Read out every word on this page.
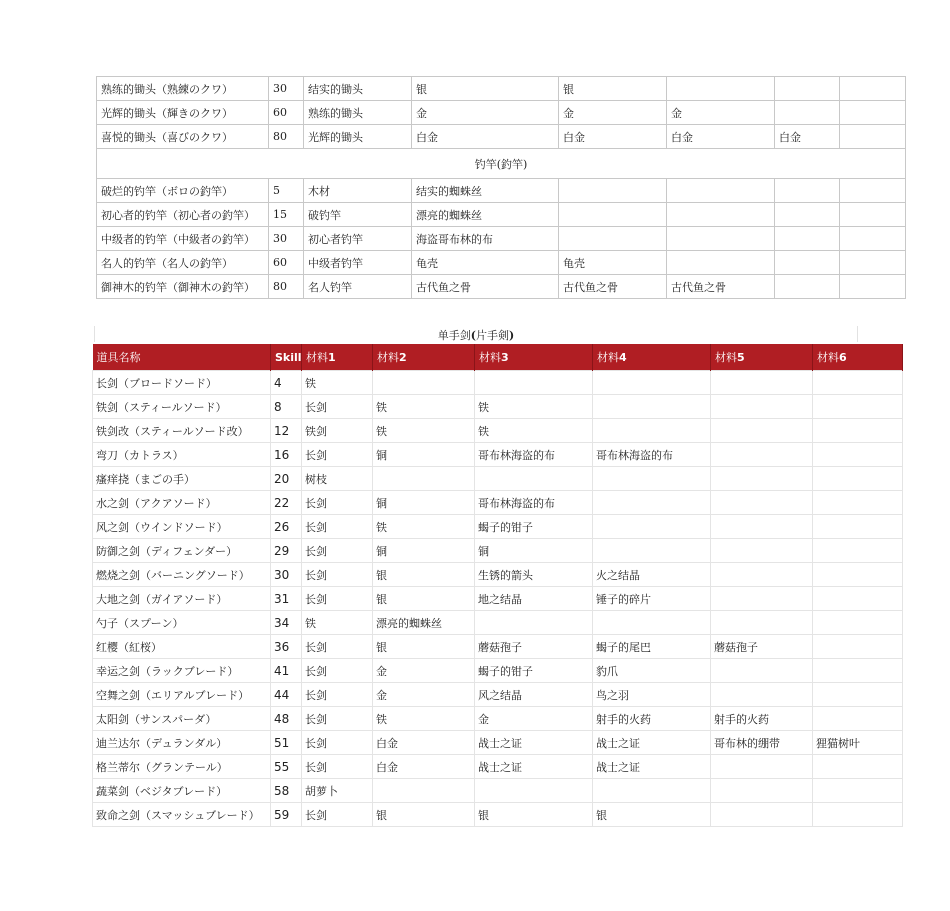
熟练的锄头（熟練のクワ）	30	结实的锄头	银	银			
光辉的锄头（輝きのクワ）	60	熟练的锄头	金	金	金		
喜悦的锄头（喜びのクワ）	80	光辉的锄头	白金	白金	白金	白金	
钓竿(釣竿)							
破烂的钓竿（ボロの釣竿）	5	木材	结实的蜘蛛丝				
初心者的钓竿（初心者の釣竿）	15	破钓竿	漂亮的蜘蛛丝				
中级者的钓竿（中級者の釣竿）	30	初心者钓竿	海盗哥布林的布				
名人的钓竿（名人の釣竿）	60	中级者钓竿	龟壳	龟壳			
御神木的钓竿（御神木の釣竿）	80	名人钓竿	古代鱼之骨	古代鱼之骨	古代鱼之骨		
单手剑(片手剣)
道具名称	Skill	材料1	材料2	材料3	材料4	材料5	材料6
长剑（ブロードソード）	4	铁					
铁剑（スティールソード）	8	长剑	铁	铁			
铁剑改（スティールソード改）	12	铁剑	铁	铁			
弯刀（カトラス）	16	长剑	铜	哥布林海盗的布	哥布林海盗的布		
瘙痒挠（まごの手）	20	树枝					
水之剑（アクアソード）	22	长剑	铜	哥布林海盗的布			
风之剑（ウインドソード）	26	长剑	铁	蝎子的钳子			
防御之剑（ディフェンダー）	29	长剑	铜	铜			
燃烧之剑（バーニングソード）	30	长剑	银	生锈的箭头	火之结晶		
大地之剑（ガイアソード）	31	长剑	银	地之结晶	锤子的碎片		
勺子（スプーン）	34	铁	漂亮的蜘蛛丝				
红樱（紅桜）	36	长剑	银	蘑菇孢子	蝎子的尾巴	蘑菇孢子	
幸运之剑（ラックブレード）	41	长剑	金	蝎子的钳子	豹爪		
空舞之剑（エリアルブレード）	44	长剑	金	风之结晶	鸟之羽		
太阳剑（サンスパーダ）	48	长剑	铁	金	射手的火药	射手的火药	
迪兰达尔（デュランダル）	51	长剑	白金	战士之证	战士之证	哥布林的绷带	狸猫树叶
格兰蒂尔（グランテール）	55	长剑	白金	战士之证	战士之证		
蔬菜剑（ベジタブレード）	58	胡萝卜					
致命之剑（スマッシュブレード）	59	长剑	银	银	银		
